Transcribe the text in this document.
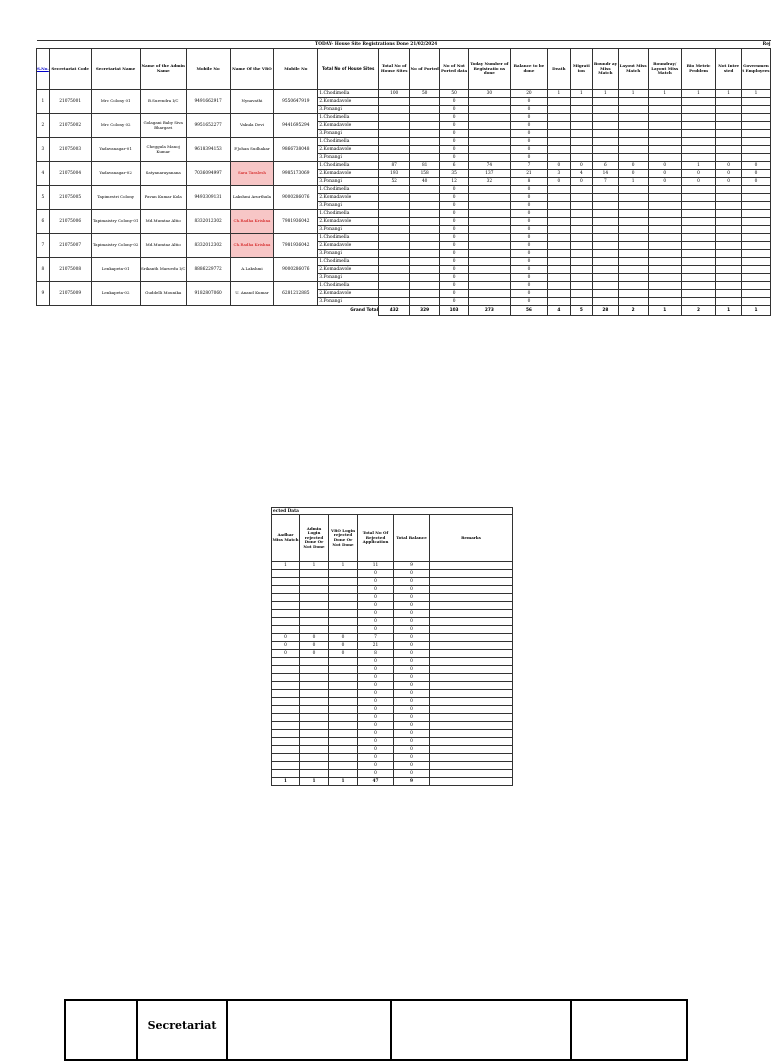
TODAY- House Site Registrations Done 21/02/2024																			Rej	
S.No.	Secretariat Code	Secretariat Name	Name of the Admin Name	Mobile No	Name Of the VRO	Mobile No	Total No of House Sites	Total No of House Sites	No of Ported	No of Not Ported data	Today Number of Registratio ns done	Balance to be done	Death	Migrati ion	Boundr ay Miss Match	Layout Miss Match	Boundray/ Layout Miss Match	Bio Metric Problem	Not Intre sted	Governmen t Employees
1	21075001	Mrc Colony 01	B.Surendra I/C	9491662917	Nynavathi	9550647919	1.Chodimella	100	50	50	30	20	1	1	1	1	1	1	1	1
							2.Komadavole			0		0								
							3.Ponangi			0		0								
2	21075002	Mrc Colony 02	Golagani Baby Siva Bhargavi	9951652277	Vakula Devi	9441695294	1.Chodimella			0		0								
							2.Komadavole			0		0								
							3.Ponangi			0		0								
3	21075003	Yadavanagar-01	Cheggula Manoj Kumar	9618394153	P.Johan Sudhakar	9866738048	1.Chodimella			0		0								
							2.Komadavole			0		0								
							3.Ponangi			0		0								
4	21075004	Yadavanagar-02	Satyanarayanana	7036094997	Sara Taralesh	9985173069	1.Chodimella	87	81	6	74	7	0	0	6	0	0	1	0	0
							2.Komadavole	193	158	35	137	21	3	4	14	0	0	0	0	0
							3.Ponangi	52	40	12	32	8	0	0	7	1	0	0	0	0
5	21075005	Tapimestri Colony	Pavan Kumar Kola	9493309131	Lakshmi Arurthula	9000286076	1.Chodimella			0		0								
							2.Komadavole			0		0								
							3.Ponangi			0		0								
6	21075006	Tapimaistry Colony-01	Md.Mumtaz Altio	8332012302	Ch.Radha Krishna	7981936042	1.Chodimella			0		0								
							2.Komadavole			0		0								
							3.Ponangi			0		0								
7	21075007	Tapimaistry Colony-02	Md.Mumtaz Altio	8332012302	Ch.Radha Krishna	7981936042	1.Chodimella			0		0								
							2.Komadavole			0		0								
							3.Ponangi			0		0								
8	21075008	Lenkapeta-01	Srikanth Maruvdu I/C	8886229772	A.Lakshmi	9000286076	1.Chodimella			0		0								
							2.Komadavole			0		0								
							3.Ponangi			0		0								
9	21075009	Lenkapeta-02	Guddelli Mounika	9182807060	U. Anand Kumar	6281212885	1.Chodimella			0		0								
							2.Komadavole			0		0								
							3.Ponangi			0		0								
Grand Total								432	329	103	273	56	4	5	28	2	1	2	1	1
ected Data					
Aadhar Miss Match	Admin Login rejected Done Or Not Done	VRO Login rejected Done Or Not Done	Total No Of Rejected Application	Total Balance	Remarks
1	1	1	11	9	
			0	0	
			0	0	
			0	0	
			0	0	
			0	0	
			0	0	
			0	0	
			0	0	
0	0	0	7	0	
0	0	0	21	0	
0	0	0	8	0	
			0	0	
			0	0	
			0	0	
			0	0	
			0	0	
			0	0	
			0	0	
			0	0	
			0	0	
			0	0	
			0	0	
			0	0	
			0	0	
			0	0	
			0	0	
1	1	1	47	9	
	Secretariat			
